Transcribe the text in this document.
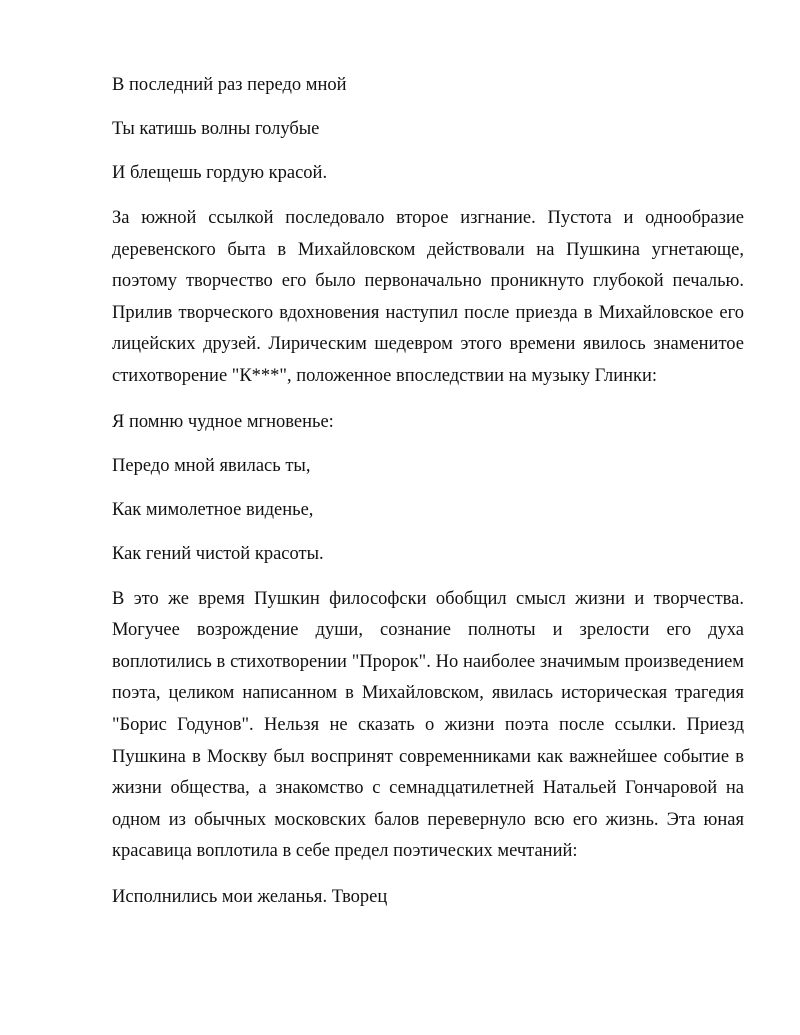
В последний раз передо мной

Ты катишь волны голубые

И блещешь гордую красой.

За южной ссылкой последовало второе изгнание. Пустота и однообразие деревенского быта в Михайловском действовали на Пушкина угнетающе, поэтому творчество его было первоначально проникнуто глубокой печалью. Прилив творческого вдохновения наступил после приезда в Михайловское его лицейских друзей. Лирическим шедевром этого времени явилось знаменитое стихотворение "К***", положенное впоследствии на музыку Глинки:

Я помню чудное мгновенье:

Передо мной явилась ты,

Как мимолетное виденье,

Как гений чистой красоты.

В это же время Пушкин философски обобщил смысл жизни и творчества. Могучее возрождение души, сознание полноты и зрелости его духа воплотились в стихотворении "Пророк". Но наиболее значимым произведением поэта, целиком написанном в Михайловском, явилась историческая трагедия "Борис Годунов". Нельзя не сказать о жизни поэта после ссылки. Приезд Пушкина в Москву был воспринят современниками как важнейшее событие в жизни общества, а знакомство с семнадцатилетней Натальей Гончаровой на одном из обычных московских балов перевернуло всю его жизнь. Эта юная красавица воплотила в себе предел поэтических мечтаний:

Исполнились мои желанья. Творец
